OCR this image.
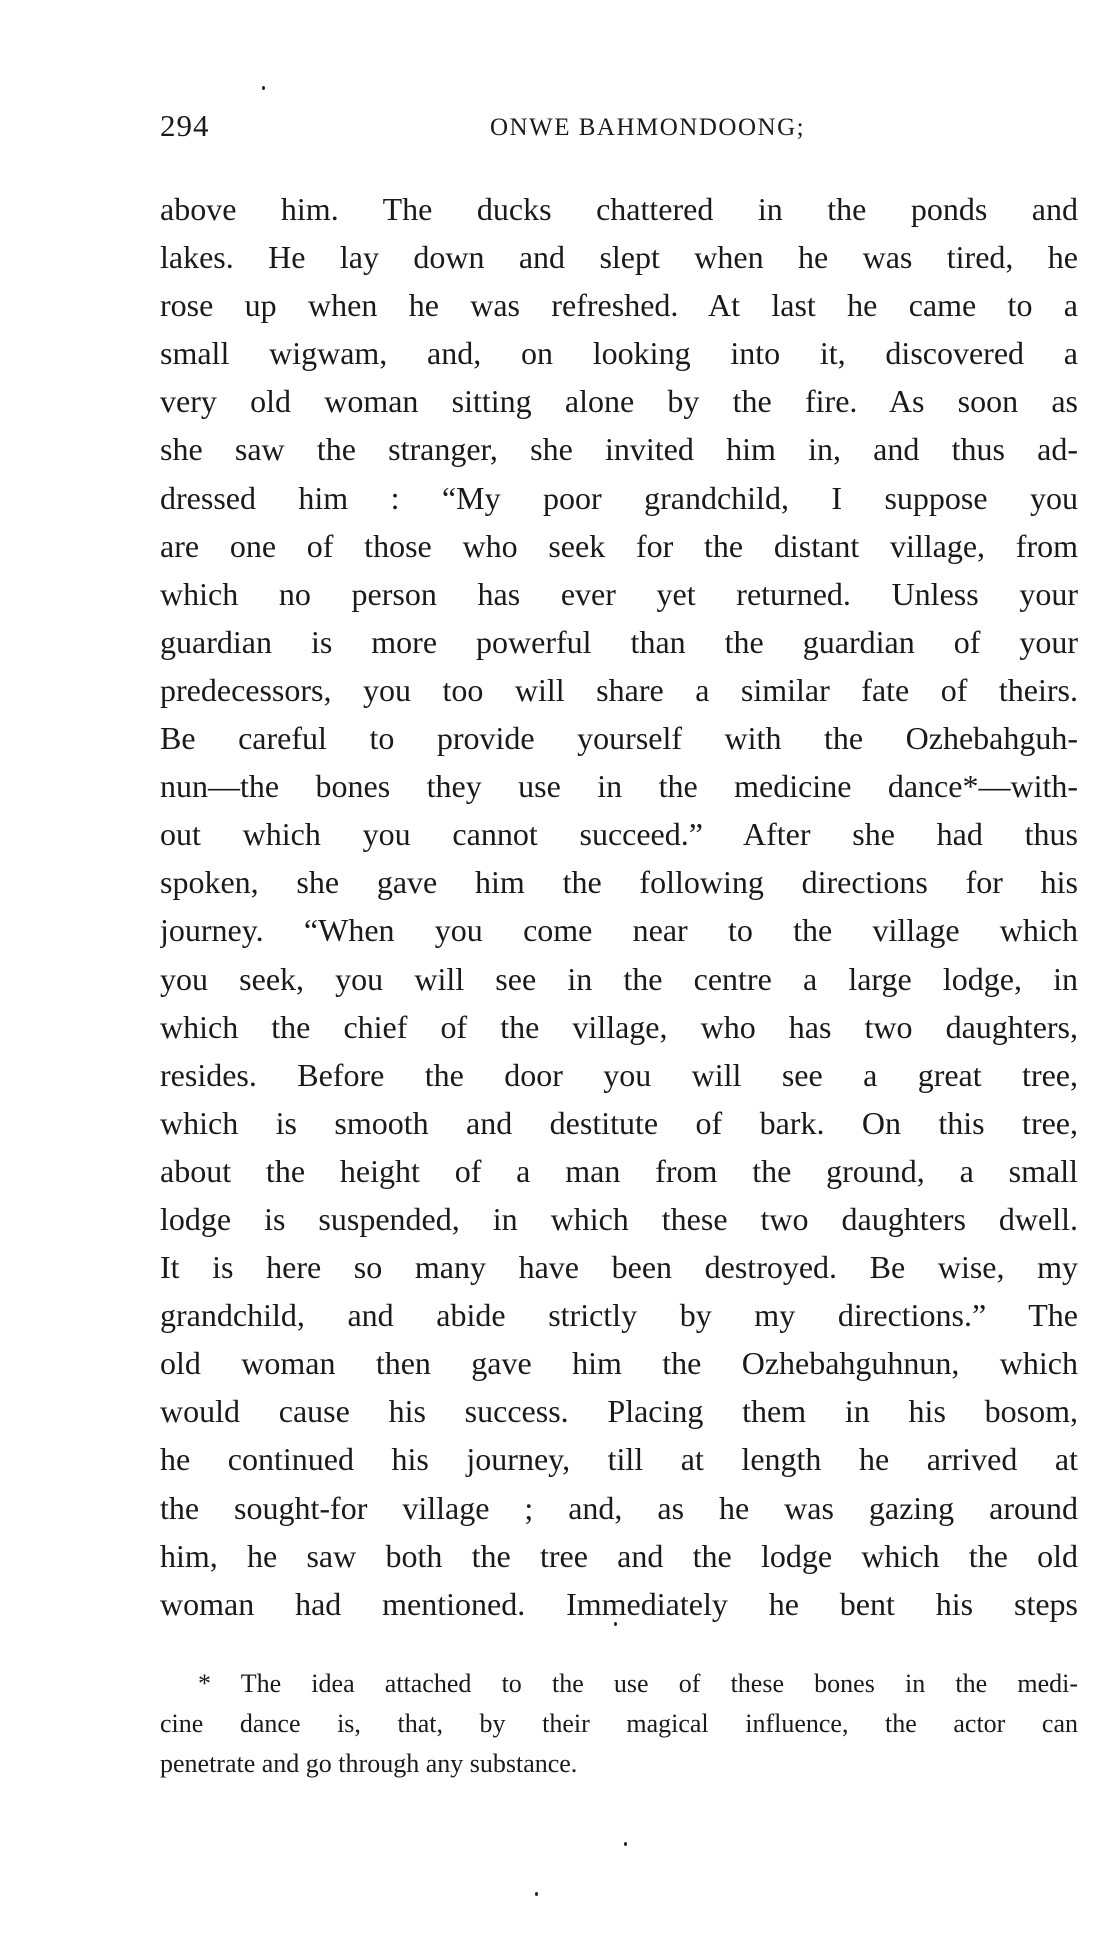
294	ONWE BAHMONDOONG;
above him. The ducks chattered in the ponds and
lakes. He lay down and slept when he was tired, he
rose up when he was refreshed. At last he came to a
small wigwam, and, on looking into it, discovered a
very old woman sitting alone by the fire. As soon as
she saw the stranger, she invited him in, and thus ad-
dressed him : “My poor grandchild, I suppose you
are one of those who seek for the distant village, from
which no person has ever yet returned. Unless your
guardian is more powerful than the guardian of your
predecessors, you too will share a similar fate of theirs.
Be careful to provide yourself with the Ozhebahguh-
nun—the bones they use in the medicine dance*—with-
out which you cannot succeed.” After she had thus
spoken, she gave him the following directions for his
journey. “When you come near to the village which
you seek, you will see in the centre a large lodge, in
which the chief of the village, who has two daughters,
resides. Before the door you will see a great tree,
which is smooth and destitute of bark. On this tree,
about the height of a man from the ground, a small
lodge is suspended, in which these two daughters dwell.
It is here so many have been destroyed. Be wise, my
grandchild, and abide strictly by my directions.” The
old woman then gave him the Ozhebahguhnun, which
would cause his success. Placing them in his bosom,
he continued his journey, till at length he arrived at
the sought-for village ; and, as he was gazing around
him, he saw both the tree and the lodge which the old
woman had mentioned. Immediately he bent his steps
* The idea attached to the use of these bones in the medi-
cine dance is, that, by their magical influence, the actor can
penetrate and go through any substance.
